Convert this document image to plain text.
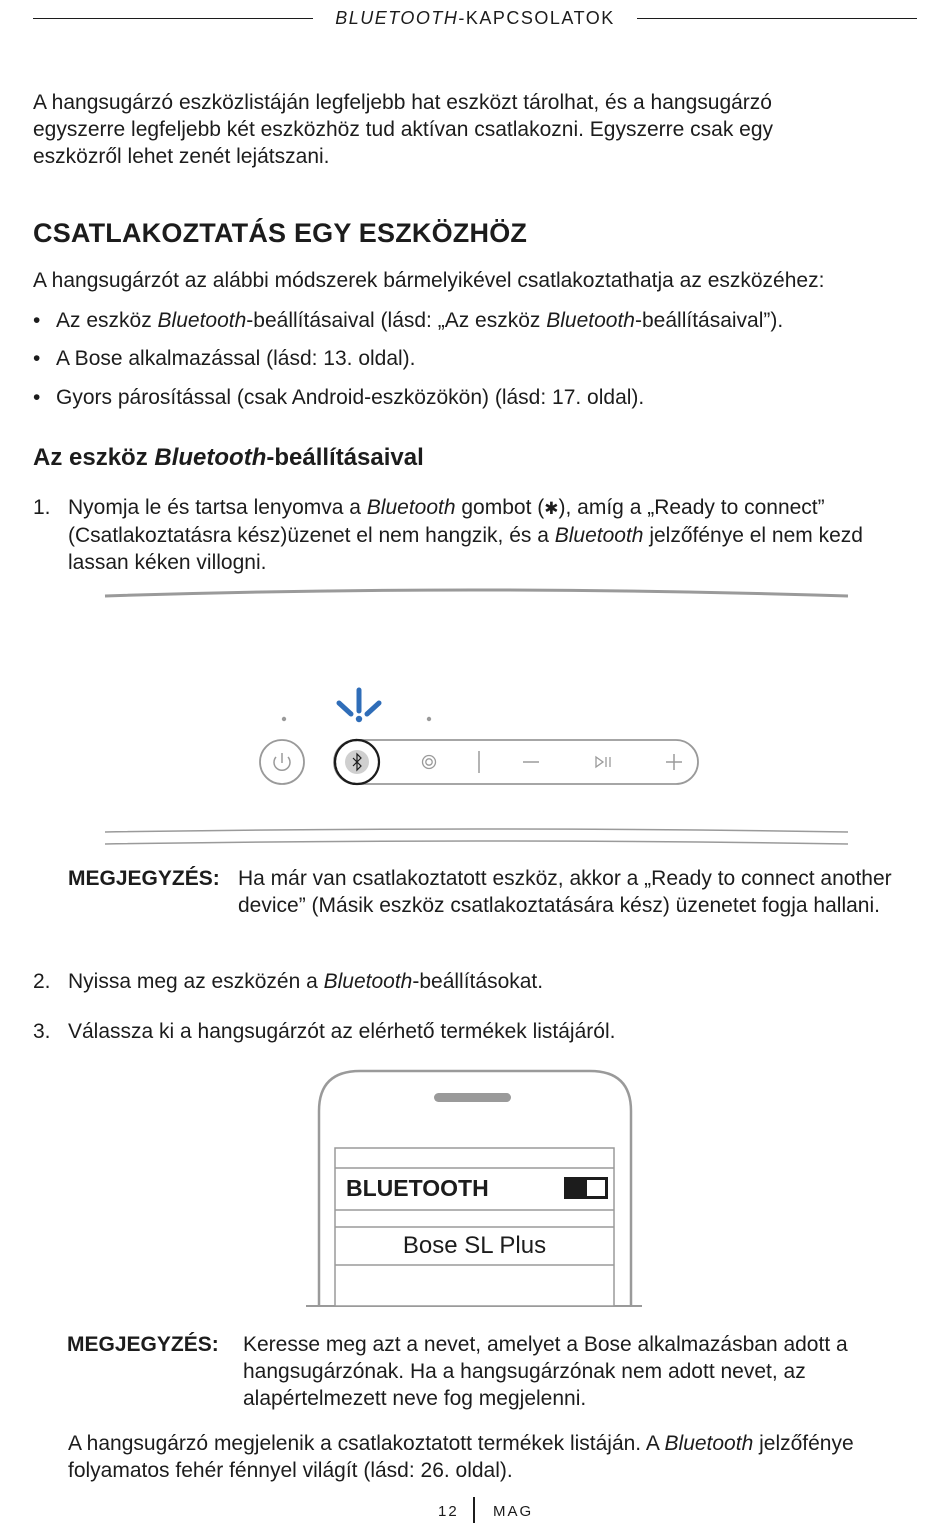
BLUETOOTH-KAPCSOLATOK
A hangsugárzó eszközlistáján legfeljebb hat eszközt tárolhat, és a hangsugárzó egyszerre legfeljebb két eszközhöz tud aktívan csatlakozni. Egyszerre csak egy eszközről lehet zenét lejátszani.
CSATLAKOZTATÁS EGY ESZKÖZHÖZ
A hangsugárzót az alábbi módszerek bármelyikével csatlakoztathatja az eszközéhez:
• Az eszköz Bluetooth-beállításaival (lásd: „Az eszköz Bluetooth-beállításaival”).
• A Bose alkalmazással (lásd: 13. oldal).
• Gyors párosítással (csak Android-eszközökön) (lásd: 17. oldal).
Az eszköz Bluetooth-beállításaival
1. Nyomja le és tartsa lenyomva a Bluetooth gombot (✱), amíg a „Ready to connect” (Csatlakoztatásra kész)üzenet el nem hangzik, és a Bluetooth jelzőfénye el nem kezd lassan kéken villogni.
MEGJEGYZÉS: Ha már van csatlakoztatott eszköz, akkor a „Ready to connect another device” (Másik eszköz csatlakoztatására kész) üzenetet fogja hallani.
2. Nyissa meg az eszközén a Bluetooth-beállításokat.
3. Válassza ki a hangsugárzót az elérhető termékek listájáról.
BLUETOOTH
Bose SL Plus
MEGJEGYZÉS: Keresse meg azt a nevet, amelyet a Bose alkalmazásban adott a hangsugárzónak. Ha a hangsugárzónak nem adott nevet, az alapértelmezett neve fog megjelenni.
A hangsugárzó megjelenik a csatlakoztatott termékek listáján. A Bluetooth jelzőfénye folyamatos fehér fénnyel világít (lásd: 26. oldal).
12 MAG
